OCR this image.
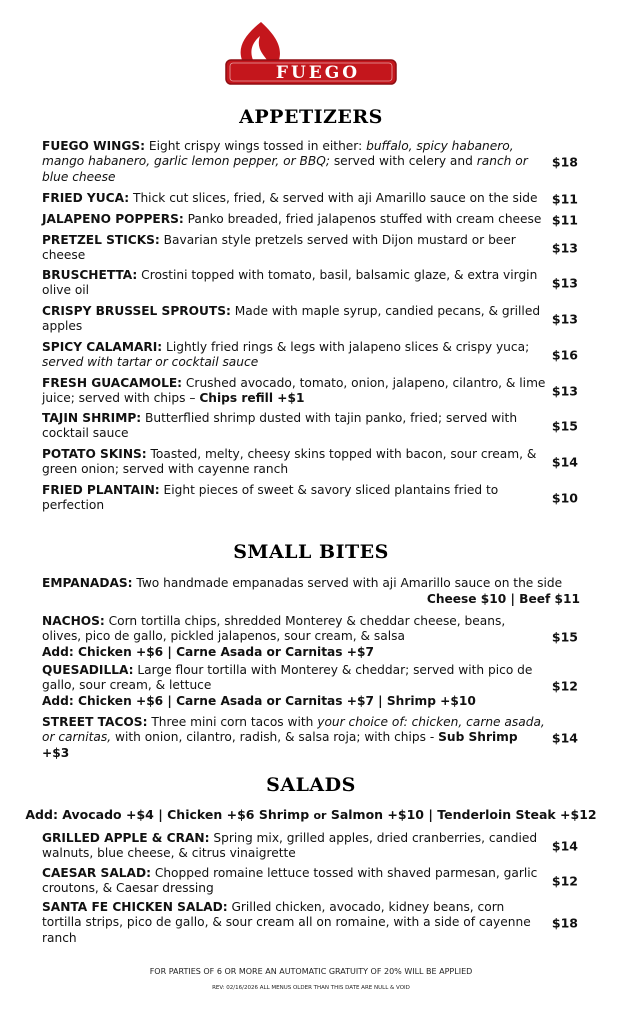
FUEGO
APPETIZERS
FUEGO WINGS: Eight crispy wings tossed in either: buffalo, spicy habanero, mango habanero, garlic lemon pepper, or BBQ; served with celery and ranch or blue cheese
$18
FRIED YUCA: Thick cut slices, fried, & served with aji Amarillo sauce on the side	$11
JALAPENO POPPERS: Panko breaded, fried jalapenos stuffed with cream cheese $11
PRETZEL STICKS: Bavarian style pretzels served with Dijon mustard or beer cheese	$13
BRUSCHETTA: Crostini topped with tomato, basil, balsamic glaze, & extra virgin olive oil	$13
CRISPY BRUSSEL SPROUTS: Made with maple syrup, candied pecans, & grilled apples	$13
SPICY CALAMARI: Lightly fried rings & legs with jalapeno slices & crispy yuca; served with tartar or cocktail sauce	$16
FRESH GUACAMOLE: Crushed avocado, tomato, onion, jalapeno, cilantro, & lime juice; served with chips – Chips refill +$1	$13
TAJIN SHRIMP: Butterflied shrimp dusted with tajin panko, fried; served with cocktail sauce	$15
POTATO SKINS: Toasted, melty, cheesy skins topped with bacon, sour cream, & green onion; served with cayenne ranch	$14
FRIED PLANTAIN: Eight pieces of sweet & savory sliced plantains fried to perfection	$10
SMALL BITES
EMPANADAS: Two handmade empanadas served with aji Amarillo sauce on the side
Cheese $10 | Beef $11
NACHOS: Corn tortilla chips, shredded Monterey & cheddar cheese, beans, olives, pico de gallo, pickled jalapenos, sour cream, & salsa
Add: Chicken +$6 | Carne Asada or Carnitas +$7
$15
QUESADILLA: Large flour tortilla with Monterey & cheddar; served with pico de gallo, sour cream, & lettuce
Add: Chicken +$6 | Carne Asada or Carnitas +$7 | Shrimp +$10
$12
STREET TACOS: Three mini corn tacos with your choice of: chicken, carne asada, or carnitas, with onion, cilantro, radish, & salsa roja; with chips - Sub Shrimp +$3
$14
SALADS
Add: Avocado +$4 | Chicken +$6 Shrimp or Salmon +$10 | Tenderloin Steak +$12
GRILLED APPLE & CRAN: Spring mix, grilled apples, dried cranberries, candied walnuts, blue cheese, & citrus vinaigrette	$14
CAESAR SALAD: Chopped romaine lettuce tossed with shaved parmesan, garlic croutons, & Caesar dressing	$12
SANTA FE CHICKEN SALAD: Grilled chicken, avocado, kidney beans, corn tortilla strips, pico de gallo, & sour cream all on romaine, with a side of cayenne ranch
$18
FOR PARTIES OF 6 OR MORE AN AUTOMATIC GRATUITY OF 20% WILL BE APPLIED
REV: 02/16/2026 ALL MENUS OLDER THAN THIS DATE ARE NULL & VOID
